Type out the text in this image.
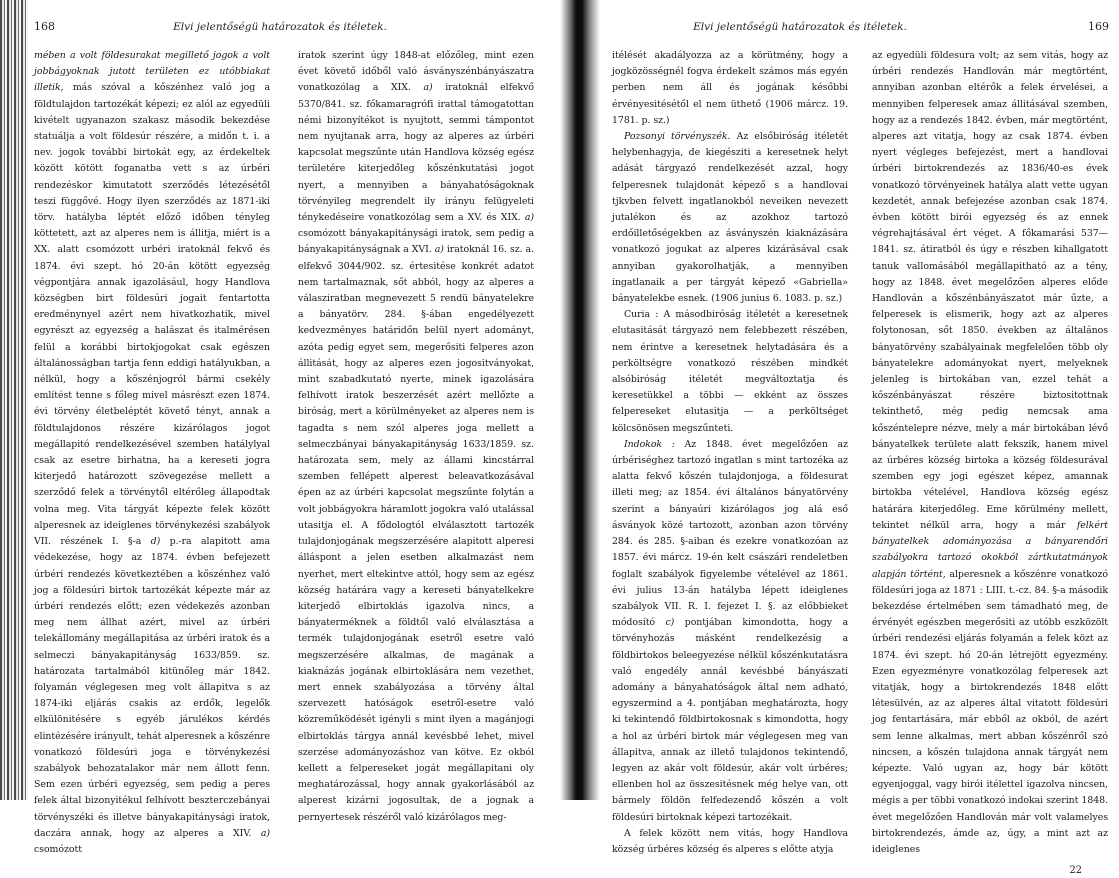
168	Elvi jelentőségü határozatok és itéletek.

mében a volt földesurakat megillető jogok a volt jobbágyoknak jutott területen ez utóbbiakat illetik, más szóval a kőszénhez való jog a földtulajdon tartozékát képezi; ez alól az egyedüli kivételt ugyanazon szakasz második bekezdése statuálja a volt földesúr részére, a midőn t. i. a nev. jogok további birtokát egy, az érdekeltek között kötött foganatba vett s az úrbéri rendezéskor kimutatott szerződés létezésétől teszi függővé. Hogy ilyen szerződés az 1871-iki törv. hatályba léptét előző időben tényleg köttetett, azt az alperes nem is állitja, miért is a XX. alatt csomózott urbéri iratoknál fekvő és 1874. évi szept. hó 20-án kötött egyezség végpontjára annak igazolásául, hogy Handlova községben birt földesúri jogait fentartotta eredménynyel azért nem hivatkozhatik, mivel egyrészt az egyezség a halászat és italmérésen felül a korábbi birtokjogokat csak egészen általánosságban tartja fenn eddigi hatályukban, a nélkül, hogy a kőszénjogról bármi csekély említést tenne s főleg mivel másrészt ezen 1874. évi törvény életbeléptét követő tényt, annak a földtulajdonos részére kizárólagos jogot megállapitó rendelkezésével szemben hatálylyal csak az esetre birhatna, ha a kereseti jogra kiterjedő határozott szövegezése mellett a szerződő felek a törvénytől eltérőleg állapodtak volna meg. Vita tárgyát képezte felek között alperesnek az ideiglenes törvénykezési szabályok VII. részének I. §-a d) p.-ra alapitott ama védekezése, hogy az 1874. évben befejezett úrbéri rendezés következtében a kőszénhez való jog a földesúri birtok tartozékát képezte már az úrbéri rendezés előtt; ezen védekezés azonban meg nem állhat azért, mivel az úrbéri telekállomány megállapitása az úrbéri iratok és a selmeczi bányakapitányság 1633/859. sz. határozata tartalmából kitünőleg már 1842. folyamán véglegesen meg volt állapitva s az 1874-iki eljárás csakis az erdők, legelők elkülönitésére s egyéb járulékos kérdés elintézésére irányult, tehát alperesnek a kőszénre vonatkozó földesúri joga e törvénykezési szabályok behozatalakor már nem állott fenn. Sem ezen úrbéri egyezség, sem pedig a peres felek által bizonyitékul felhívott beszterczebányai törvényszéki és illetve bányakapitánysági iratok, daczára annak, hogy az alperes a XIV. a) csomózott

iratok szerint úgy 1848-at előzőleg, mint ezen évet követő időből való ásványszénbányászatra vonatkozólag a XIX. a) iratoknál elfekvő 5370/841. sz. főkamaragrófi irattal támogatottan némi bizonyítékot is nyujtott, semmi támpontot nem nyujtanak arra, hogy az alperes az úrbéri kapcsolat megszűnte után Handlova község egész területére kiterjedőleg kőszénkutatási jogot nyert, a mennyiben a bányahatóságoknak törvényileg megrendelt ily irányu felügyeleti ténykedéseire vonatkozólag sem a XV. és XIX. a) csomózott bányakapitánysági iratok, sem pedig a bányakapitányságnak a XVI. a) iratoknál 16. sz. a. elfekvő 3044/902. sz. értesitése konkrét adatot nem tartalmaznak, sőt abból, hogy az alperes a válasziratban megnevezett 5 rendü bányatelekre a bányatörv. 284. §-ában engedélyezett kedvezményes határidőn belül nyert adományt, azóta pedig egyet sem, megerősiti felperes azon állitását, hogy az alperes ezen jogositványokat, mint szabadkutató nyerte, minek igazolására felhívott iratok beszerzését azért mellőzte a biróság, mert a körülményeket az alperes nem is tagadta s nem szól alperes joga mellett a selmeczbányai bányakapitányság 1633/1859. sz. határozata sem, mely az állami kincstárral szemben fellépett alperest beleavatkozásával épen az az úrbéri kapcsolat megszűnte folytán a volt jobbágyokra háramlott jogokra való utalással utasitja el. A fődologtól elválasztott tartozék tulajdonjogának megszerzésére alapitott alperesi álláspont a jelen esetben alkalmazást nem nyerhet, mert eltekintve attól, hogy sem az egész község határára vagy a kereseti bányatelkekre kiterjedő elbirtoklás igazolva nincs, a bányaterméknek a földtől való elválasztása a termék tulajdonjogának esetről esetre való megszerzésére alkalmas, de magának a kiaknázás jogának elbirtoklására nem vezethet, mert ennek szabályozása a törvény által szervezett hatóságok esetről-esetre való közreműködését igényli s mint ilyen a magánjogi elbirtoklás tárgya annál kevésbbé lehet, mivel szerzése adományozáshoz van kötve. Ez okból kellett a felpereseket jogát megállapitani oly meghatározással, hogy annak gyakorlásából az alperest kizárni jogosultak, de a jognak a pernyertesek részéről való kizárólagos meg-

Elvi jelentőségü határozatok és itéletek.	169

itélését akadályozza az a körütmény, hogy a jogközösségnél fogva érdekelt számos más egyén perben nem áll és jogának későbbi érvényesitésétől el nem üthető (1906 márcz. 19. 1781. p. sz.)

Pozsonyi törvényszék. Az elsőbiróság itéletét helybenhagyja, de kiegésziti a keresetnek helyt adását tárgyazó rendelkezését azzal, hogy felperesnek tulajdonát képező s a handlovai tjkvben felvett ingatlanokból neveiken nevezett jutalékon és az azokhoz tartozó erdőilletőségekben az ásványszén kiaknázására vonatkozó jogukat az alperes kizárásával csak annyiban gyakorolhatják, a mennyiben ingatlanaik a per tárgyát képező «Gabriella» bányatelekbe esnek. (1906 junius 6. 1083. p. sz.)

Curia : A másodbiróság itéletét a keresetnek elutasitását tárgyazó nem felebbezett részében, nem érintve a keresetnek helytadására és a perköltségre vonatkozó részében mindkét alsóbiróság itéletét megváltoztatja és keresetükkel a többi — ekként az összes felpereseket elutasitja — a perköltséget kölcsönösen megszűnteti.

Indokok : Az 1848. évet megelőzően az úrbériséghez tartozó ingatlan s mint tartozéka az alatta fekvő kőszén tulajdonjoga, a földesurat illeti meg; az 1854. évi általános bányatörvény szerint a bányaúri kizárólagos jog alá eső ásványok közé tartozott, azonban azon törvény 284. és 285. §-aiban és ezekre vonatkozóan az 1857. évi márcz. 19-én kelt császári rendeletben foglalt szabályok figyelembe vételével az 1861. évi julius 13-án hatályba lépett ideiglenes szabályok VII. R. I. fejezet I. §. az előbbieket módosító c) pontjában kimondotta, hogy a törvényhozás másként rendelkezésig a földbirtokos beleegyezése nélkül kőszénkutatásra való engedély annál kevésbbé bányászati adomány a bányahatóságok által nem adható, egyszermind a 4. pontjában meghatározta, hogy ki tekintendő földbirtokosnak s kimondotta, hogy a hol az úrbéri birtok már véglegesen meg van állapitva, annak az illető tulajdonos tekintendő, legyen az akár volt földesúr, akár volt úrbéres; ellenben hol az összesitésnek még helye van, ott bármely földön felfedezendő kőszén a volt földesúri birtoknak képezi tartozékait.

A felek között nem vitás, hogy Handlova község úrbéres község és alperes s előtte atyja

az egyedüli földesura volt; az sem vitás, hogy az úrbéri rendezés Handlován már megtörtént, annyiban azonban eltérők a felek érvelései, a mennyiben felperesek amaz állitásával szemben, hogy az a rendezés 1842. évben, már megtörtént, alperes azt vitatja, hogy az csak 1874. évben nyert végleges befejezést, mert a handlovai úrbéri birtokrendezés az 1836/40-es évek vonatkozó törvényeinek hatálya alatt vette ugyan kezdetét, annak befejezése azonban csak 1874. évben kötött birói egyezség és az ennek végrehajtásával ért véget. A főkamarási 537—1841. sz. átiratból és úgy e részben kihallgatott tanuk vallomásából megállapitható az a tény, hogy az 1848. évet megelőzően alperes elődе Handlován a kőszénbányászatot már űzte, a felperesek is elismerik, hogy azt az alperes folytonosan, sőt 1850. években az általános bányatörvény szabályainak megfelelően több oly bányatelekre adományokat nyert, melyeknek jelenleg is birtokában van, ezzel tehát a kőszénbányászat részére biztositottnak tekinthető, még pedig nemcsak ama kőszéntelepre nézve, mely a már birtokában lévő bányatelkek területe alatt fekszik, hanem mivel az úrbéres község birtoka a község földesurával szemben egy jogi egészet képez, amannak birtokba vételével, Handlova község egész határára kiterjedőleg. Eme körülmény mellett, tekintet nélkül arra, hogy a már felkért bányatelkek adományozása a bányarendőri szabályokra tartozó okokból zártkutatmányok alapján történt, alperesnek a kőszénre vonatkozó földesúri joga az 1871 : LIII. t.-cz. 84. §-a második bekezdése értelmében sem támadható meg, de érvényét egészben megerősiti az utóbb eszközölt úrbéri rendezési eljárás folyamán a felek közt az 1874. évi szept. hó 20-án létrejött egyezmény. Ezen egyezményre vonatkozólag felperesek azt vitatják, hogy a birtokrendezés 1848 előtt létesülvén, az az alperes által vitatott földesúri jog fentartására, már ebből az okból, de azért sem lenne alkalmas, mert abban kőszénről szó nincsen, a kőszén tulajdona annak tárgyát nem képezte. Való ugyan az, hogy bár kötött egyenjoggal, vagy birói itélettel igazolva nincsen, mégis a per többi vonatkozó indokai szerint 1848. évet megelőzően Handlován már volt valamelyes birtokrendezés, ámde az, úgy, a mint azt az ideiglenes

22
